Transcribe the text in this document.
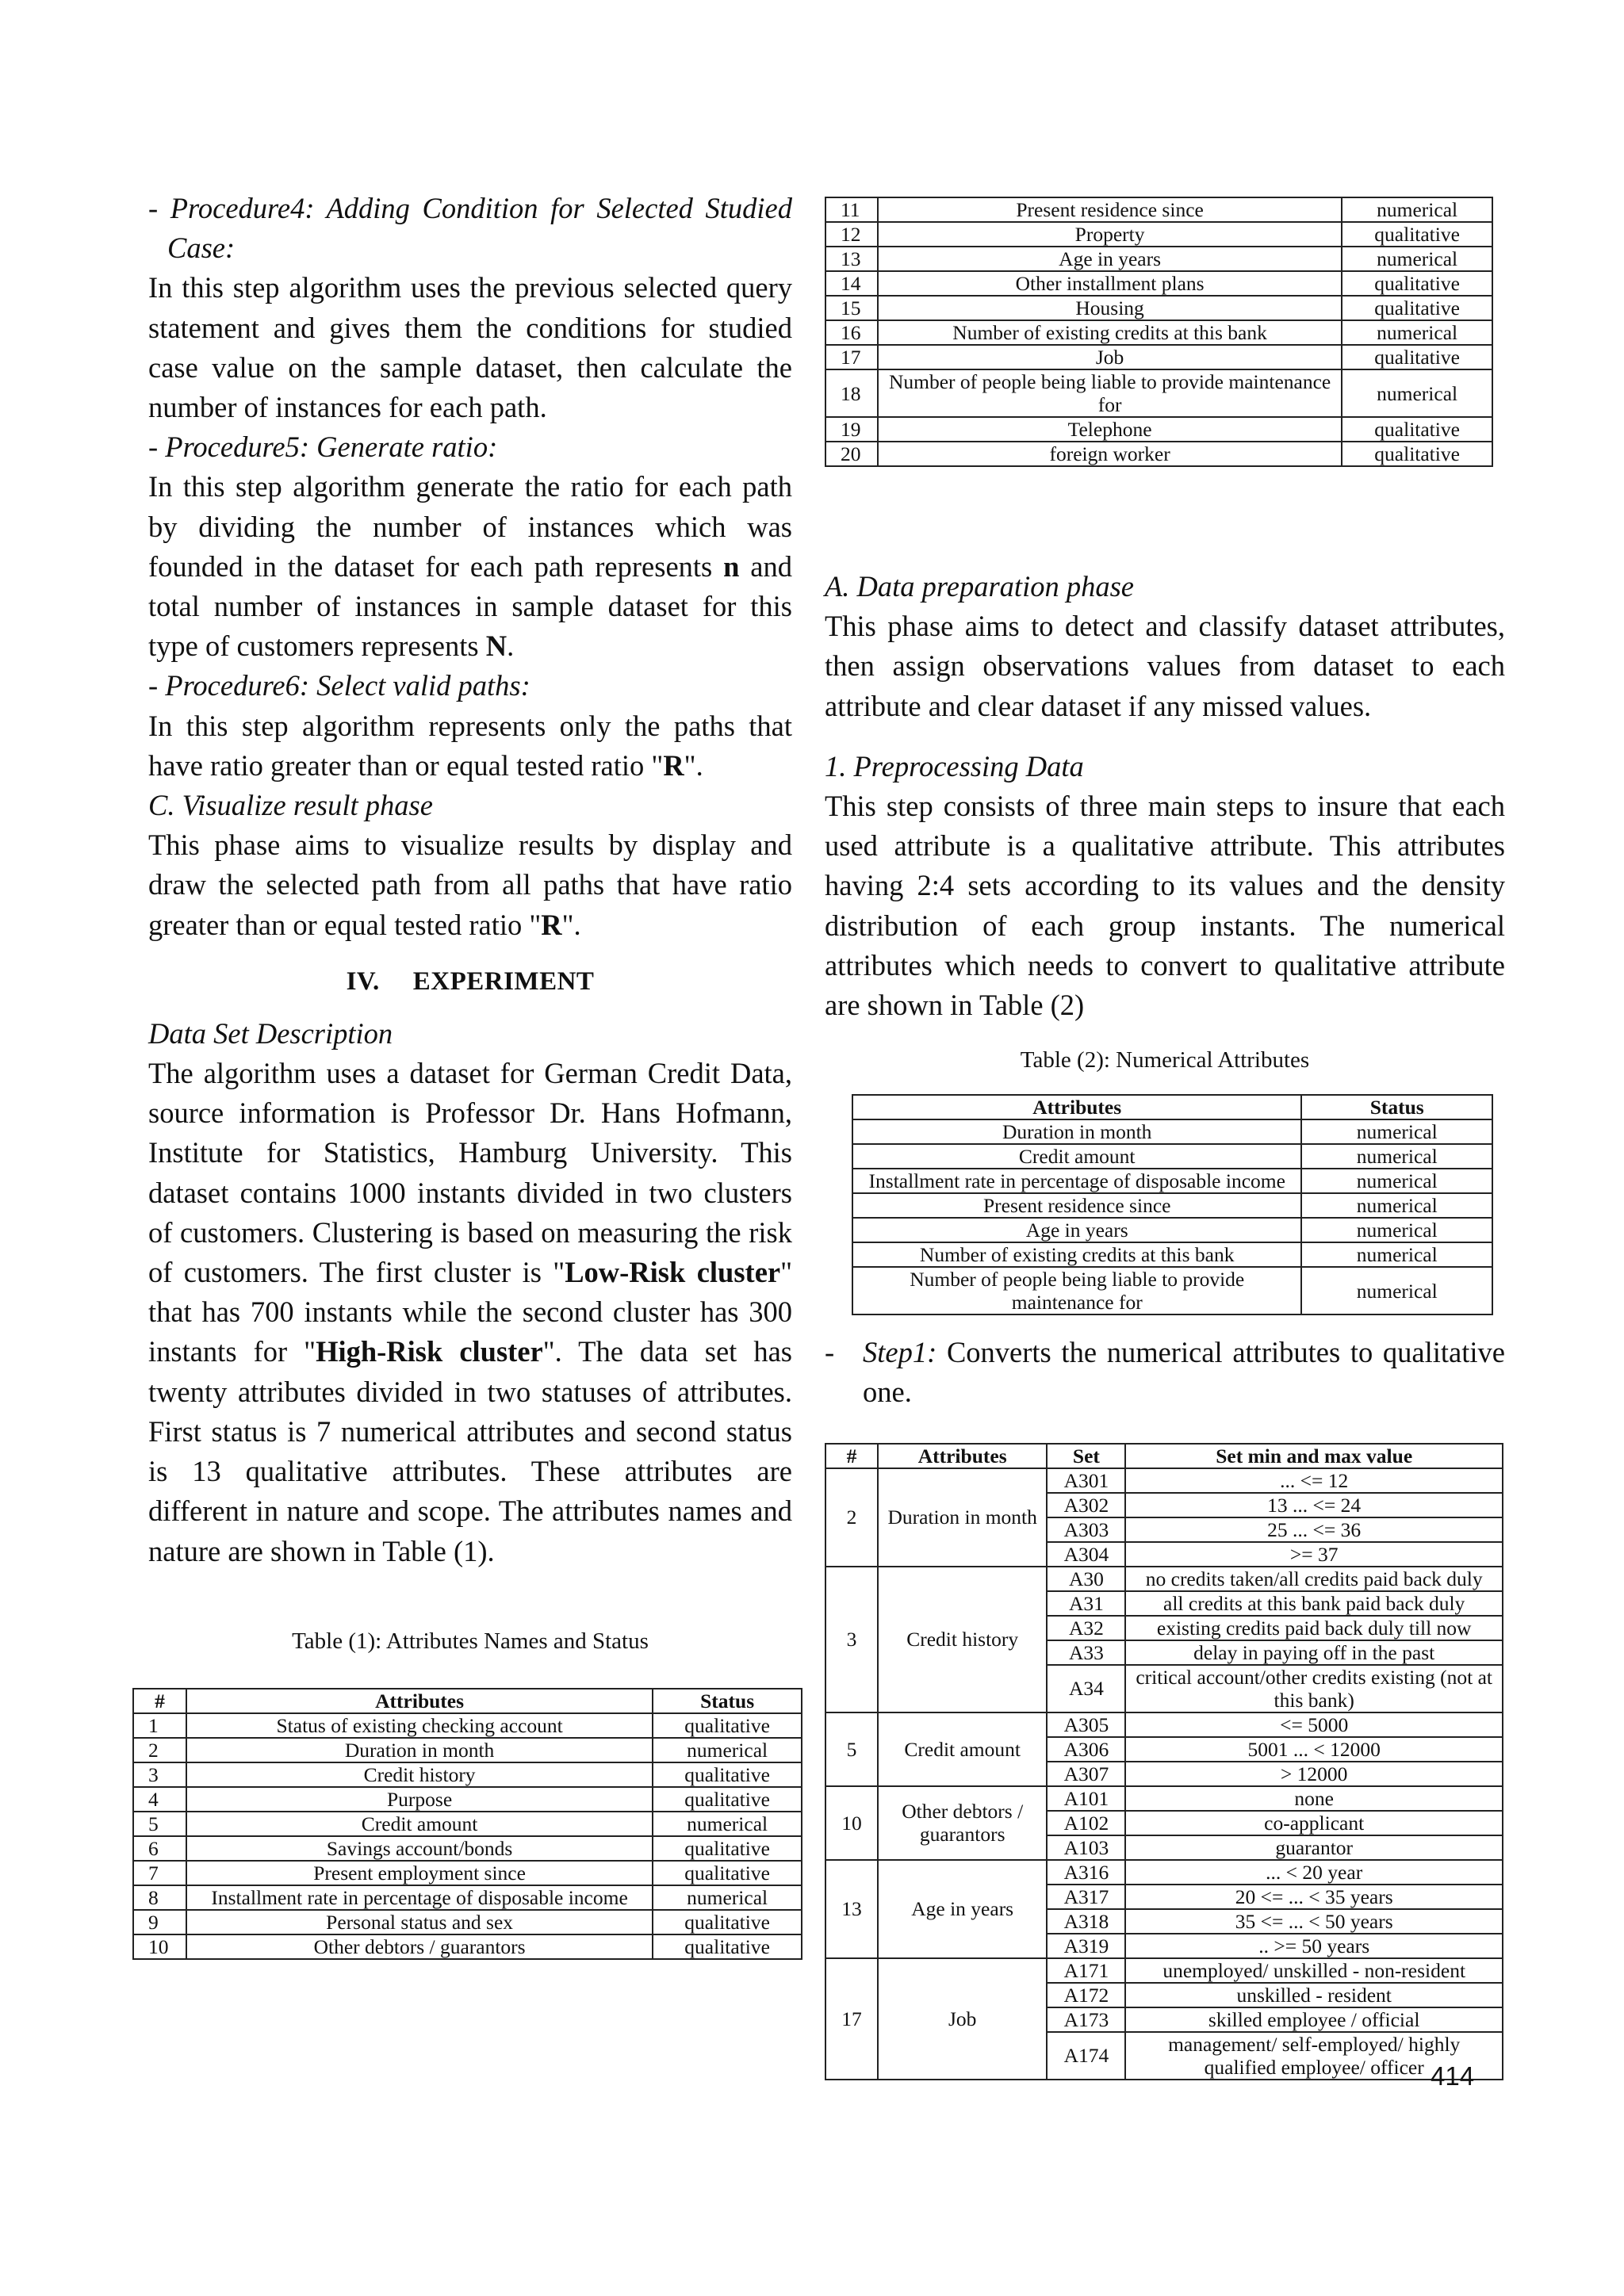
- Procedure4: Adding Condition for Selected Studied Case:

In this step algorithm uses the previous selected query statement and gives them the conditions for studied case value on the sample dataset, then calculate the number of instances for each path.

- Procedure5: Generate ratio:

In this step algorithm generate the ratio for each path by dividing the number of instances which was founded in the dataset for each path represents n and total number of instances in sample dataset for this type of customers represents N.

- Procedure6: Select valid paths:

In this step algorithm represents only the paths that have ratio greater than or equal tested ratio "R".

C. Visualize result phase

This phase aims to visualize results by display and draw the selected path from all paths that have ratio greater than or equal tested ratio "R".

IV. EXPERIMENT

Data Set Description

The algorithm uses a dataset for German Credit Data, source information is Professor Dr. Hans Hofmann, Institute for Statistics, Hamburg University. This dataset contains 1000 instants divided in two clusters of customers. Clustering is based on measuring the risk of customers. The first cluster is "Low-Risk cluster" that has 700 instants while the second cluster has 300 instants for "High-Risk cluster". The data set has twenty attributes divided in two statuses of attributes. First status is 7 numerical attributes and second status is 13 qualitative attributes. These attributes are different in nature and scope. The attributes names and nature are shown in Table (1).

Table (1): Attributes Names and Status
#	Attributes	Status
1	Status of existing checking account	qualitative
2	Duration in month	numerical
3	Credit history	qualitative
4	Purpose	qualitative
5	Credit amount	numerical
6	Savings account/bonds	qualitative
7	Present employment since	qualitative
8	Installment rate in percentage of disposable income	numerical
9	Personal status and sex	qualitative
10	Other debtors / guarantors	qualitative
11	Present residence since	numerical
12	Property	qualitative
13	Age in years	numerical
14	Other installment plans	qualitative
15	Housing	qualitative
16	Number of existing credits at this bank	numerical
17	Job	qualitative
18	Number of people being liable to provide maintenance for	numerical
19	Telephone	qualitative
20	foreign worker	qualitative

A. Data preparation phase

This phase aims to detect and classify dataset attributes, then assign observations values from dataset to each attribute and clear dataset if any missed values.

1. Preprocessing Data

This step consists of three main steps to insure that each used attribute is a qualitative attribute. This attributes having 2:4 sets according to its values and the density distribution of each group instants. The numerical attributes which needs to convert to qualitative attribute are shown in Table (2)

Table (2): Numerical Attributes
Attributes	Status
Duration in month	numerical
Credit amount	numerical
Installment rate in percentage of disposable income	numerical
Present residence since	numerical
Age in years	numerical
Number of existing credits at this bank	numerical
Number of people being liable to provide maintenance for	numerical
- Step1: Converts the numerical attributes to qualitative one.
#	Attributes	Set	Set min and max value
2	Duration in month	A301	... <= 12
		A302	13 ... <= 24
		A303	25 ... <= 36
		A304	>= 37
3	Credit history	A30	no credits taken/all credits paid back duly
		A31	all credits at this bank paid back duly
		A32	existing credits paid back duly till now
		A33	delay in paying off in the past
		A34	critical account/other credits existing (not at this bank)
5	Credit amount	A305	<= 5000
		A306	5001 ... < 12000
		A307	> 12000
10	Other debtors / guarantors	A101	none
		A102	co-applicant
		A103	guarantor
13	Age in years	A316	... < 20 year
		A317	20 <= ... < 35 years
		A318	35 <= ... < 50 years
		A319	.. >= 50 years
17	Job	A171	unemployed/ unskilled - non-resident
		A172	unskilled - resident
		A173	skilled employee / official
		A174	management/ self-employed/ highly qualified employee/ officer 414
